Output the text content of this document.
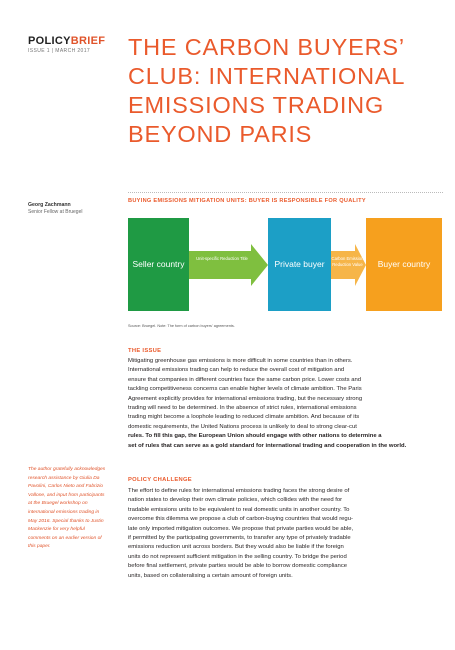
POLICYBRIEF
ISSUE 1 | MARCH 2017 THE CARBON BUYERS’
CLUB: INTERNATIONAL
EMISSIONS TRADING
BEYOND PARIS
Georg Zachmann
Senior Fellow at Bruegel
BUYING EMISSIONS MITIGATION UNITS: BUYER IS RESPONSIBLE FOR QUALITY
Seller country
Unit-specific Reduction Title
Private buyer
Carbon Emission Reduction Value Buyer country
Source: Bruegel. Note: The form of carbon buyers' agreements.
THE ISSUE
Mitigating greenhouse gas emissions is more difficult in some countries than in others.
International emissions trading can help to reduce the overall cost of mitigation and
ensure that companies in different countries face the same carbon price. Lower costs and
tackling competitiveness concerns can enable higher levels of climate ambition. The Paris
Agreement explicitly provides for international emissions trading, but the necessary strong
trading will need to be determined. In the absence of strict rules, international emissions
trading might become a loophole leading to reduced climate ambition. And because of its
domestic requirements, the United Nations process is unlikely to deal to strong clear-cut
rules. To fill this gap, the European Union should engage with other nations to determine a
set of rules that can serve as a gold standard for international trading and cooperation in the world.
POLICY CHALLENGE
The effort to define rules for international emissions trading faces the strong desire of
nation states to develop their own climate policies, which collides with the need for
tradable emissions units to be equivalent to real domestic units in another country. To
overcome this dilemma we propose a club of carbon-buying countries that would regu-
late only imported mitigation outcomes. We propose that private parties would be able,
if permitted by the participating governments, to transfer any type of privately tradable
emissions reduction unit across borders. But they would also be liable if the foreign
units do not represent sufficient mitigation in the selling country. To bridge the period
before final settlement, private parties would be able to borrow domestic compliance
units, based on collateralising a certain amount of foreign units.
The author gratefully acknowledges research assistance by Giulia Da Pavolini, Carlos Nieto and Fabrizio Vallone, and input from participants at the Bruegel workshop on international emissions trading in May 2016. Special thanks to Justin Mackenzie for very helpful comments on an earlier version of this paper.
